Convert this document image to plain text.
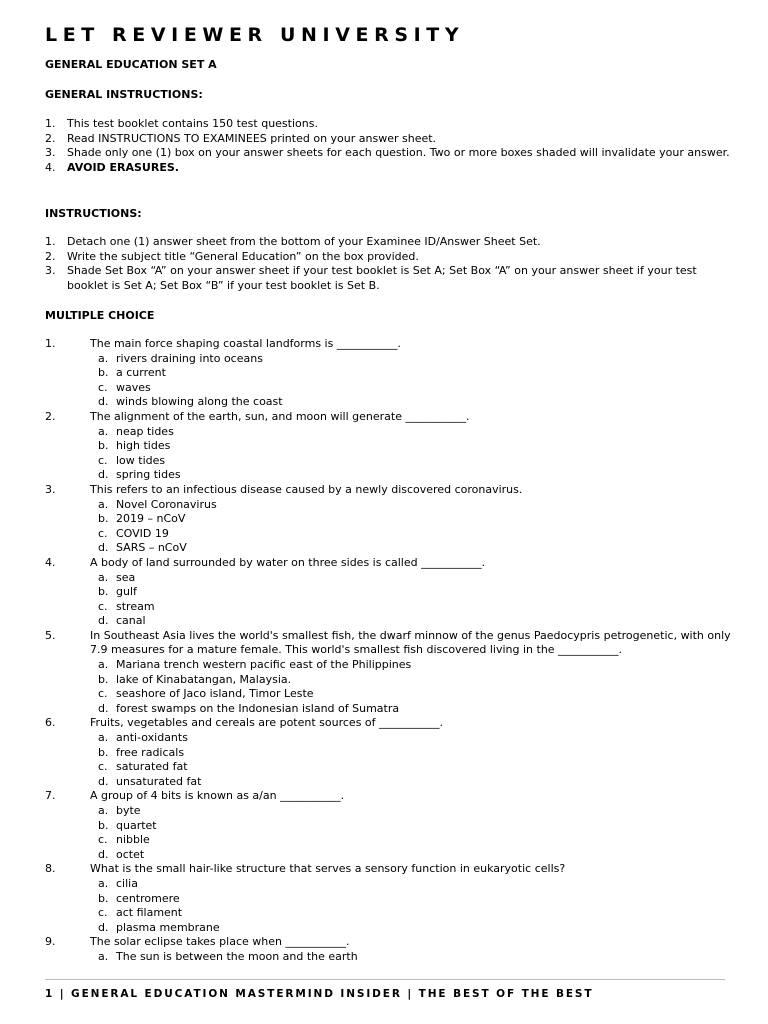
LET REVIEWER UNIVERSITY
GENERAL EDUCATION SET A
GENERAL INSTRUCTIONS:
1.	This test booklet contains 150 test questions.
2.	Read INSTRUCTIONS TO EXAMINEES printed on your answer sheet.
3.	Shade only one (1) box on your answer sheets for each question. Two or more boxes shaded will invalidate your answer.
4.	AVOID ERASURES.
INSTRUCTIONS:
1.	Detach one (1) answer sheet from the bottom of your Examinee ID/Answer Sheet Set.
2.	Write the subject title “General Education” on the box provided.
3.	Shade Set Box “A” on your answer sheet if your test booklet is Set A; Set Box “A” on your answer sheet if your test booklet is Set A; Set Box “B” if your test booklet is Set B.
MULTIPLE CHOICE
1.	The main force shaping coastal landforms is ___________.
a. rivers draining into oceans
b. a current
c. waves
d. winds blowing along the coast
2.	The alignment of the earth, sun, and moon will generate ___________.
a. neap tides
b. high tides
c. low tides
d. spring tides
3.	This refers to an infectious disease caused by a newly discovered coronavirus.
a. Novel Coronavirus
b. 2019 – nCoV
c. COVID 19
d. SARS – nCoV
4.	A body of land surrounded by water on three sides is called ___________.
a. sea
b. gulf
c. stream
d. canal
5.	In Southeast Asia lives the world's smallest fish, the dwarf minnow of the genus Paedocypris petrogenetic, with only 7.9 measures for a mature female. This world's smallest fish discovered living in the ___________.
a. Mariana trench western pacific east of the Philippines
b. lake of Kinabatangan, Malaysia.
c. seashore of Jaco island, Timor Leste
d. forest swamps on the Indonesian island of Sumatra
6.	Fruits, vegetables and cereals are potent sources of ___________.
a. anti-oxidants
b. free radicals
c. saturated fat
d. unsaturated fat
7.	A group of 4 bits is known as a/an ___________.
a. byte
b. quartet
c. nibble
d. octet
8.	What is the small hair-like structure that serves a sensory function in eukaryotic cells?
a. cilia
b. centromere
c. act filament
d. plasma membrane
9.	The solar eclipse takes place when ___________.
a. The sun is between the moon and the earth
1 | GENERAL EDUCATION MASTERMIND INSIDER | THE BEST OF THE BEST
